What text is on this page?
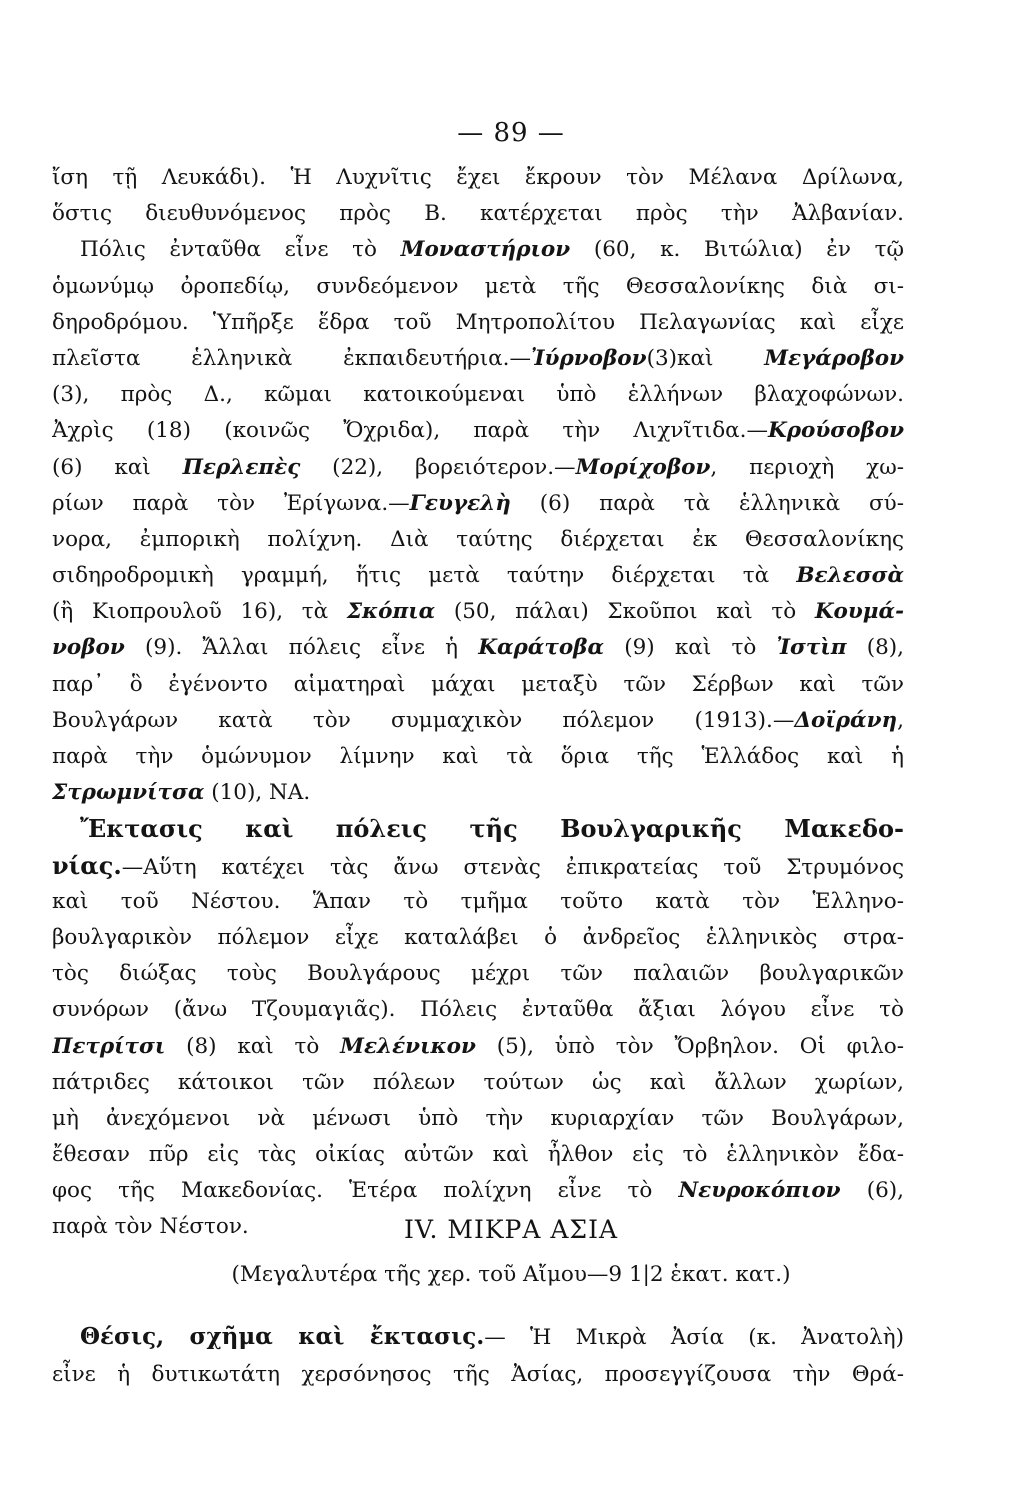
— 89 —
ἴση τῇ Λευκάδι). Ἡ Λυχνῖτις ἔχει ἔκρουν τὸν Μέλανα Δρίλωνα,
ὅστις διευθυνόμενος πρὸς Β. κατέρχεται πρὸς τὴν Ἀλβανίαν.
Πόλις ἐνταῦθα εἶνε τὸ Μοναστήριον (60, κ. Βιτώλια) ἐν τῷ
ὁμωνύμῳ ὀροπεδίῳ, συνδεόμενον μετὰ τῆς Θεσσαλονίκης διὰ σι-
δηροδρόμου. Ὑπῆρξε ἕδρα τοῦ Μητροπολίτου Πελαγωνίας καὶ εἶχε
πλεῖστα ἑλληνικὰ ἐκπαιδευτήρια.—Ἰύρνοβον(3)καὶ Μεγάροβον
(3), πρὸς Δ., κῶμαι κατοικούμεναι ὑπὸ ἑλλήνων βλαχοφώνων.
Ἀχρὶς (18) (κοινῶς Ὄχριδα), παρὰ τὴν Λιχνῖτιδα.—Κρούσοβον
(6) καὶ Περλεπὲς (22), βορειότερον.—Μορίχοβον, περιοχὴ χω-
ρίων παρὰ τὸν Ἐρίγωνα.—Γευγελὴ (6) παρὰ τὰ ἑλληνικὰ σύ-
νορα, ἐμπορικὴ πολίχνη. Διὰ ταύτης διέρχεται ἐκ Θεσσαλονίκης
σιδηροδρομικὴ γραμμή, ἥτις μετὰ ταύτην διέρχεται τὰ Βελεσσὰ
(ἢ Κιοπρουλοῦ 16), τὰ Σκόπια (50, πάλαι) Σκοῦποι καὶ τὸ Κουμά-
νοβον (9). Ἄλλαι πόλεις εἶνε ἡ Καράτοβα (9) καὶ τὸ Ἰστὶπ (8),
παρ᾽ ὃ ἐγένοντο αἱματηραὶ μάχαι μεταξὺ τῶν Σέρβων καὶ τῶν
Βουλγάρων κατὰ τὸν συμμαχικὸν πόλεμον (1913).—Δοϊράνη,
παρὰ τὴν ὁμώνυμον λίμνην καὶ τὰ ὅρια τῆς Ἑλλάδος καὶ ἡ
Στρωμνίτσα (10), ΝΑ.
Ἔκτασις καὶ πόλεις τῆς Βουλγαρικῆς Μακεδο-
νίας.—Αὕτη κατέχει τὰς ἄνω στενὰς ἐπικρατείας τοῦ Στρυμόνος
καὶ τοῦ Νέστου. Ἅπαν τὸ τμῆμα τοῦτο κατὰ τὸν Ἑλληνο-
βουλγαρικὸν πόλεμον εἶχε καταλάβει ὁ ἀνδρεῖος ἑλληνικὸς στρα-
τὸς διώξας τοὺς Βουλγάρους μέχρι τῶν παλαιῶν βουλγαρικῶν
συνόρων (ἄνω Τζουμαγιᾶς). Πόλεις ἐνταῦθα ἄξιαι λόγου εἶνε τὸ
Πετρίτσι (8) καὶ τὸ Μελένικον (5), ὑπὸ τὸν Ὄρβηλον. Οἱ φιλο-
πάτριδες κάτοικοι τῶν πόλεων τούτων ὡς καὶ ἄλλων χωρίων,
μὴ ἀνεχόμενοι νὰ μένωσι ὑπὸ τὴν κυριαρχίαν τῶν Βουλγάρων,
ἔθεσαν πῦρ εἰς τὰς οἰκίας αὐτῶν καὶ ἦλθον εἰς τὸ ἑλληνικὸν ἔδα-
φος τῆς Μακεδονίας. Ἑτέρα πολίχνη εἶνε τὸ Νευροκόπιον (6),
παρὰ τὸν Νέστον.	IV. ΜΙΚΡΑ ΑΣΙΑ
(Μεγαλυτέρα τῆς χερ. τοῦ Αἴμου—9 1|2 ἑκατ. κατ.)
Θέσις, σχῆμα καὶ ἔκτασις.— Ἡ Μικρὰ Ἀσία (κ. Ἀνατολὴ)
εἶνε ἡ δυτικωτάτη χερσόνησος τῆς Ἀσίας, προσεγγίζουσα τὴν Θρά-
